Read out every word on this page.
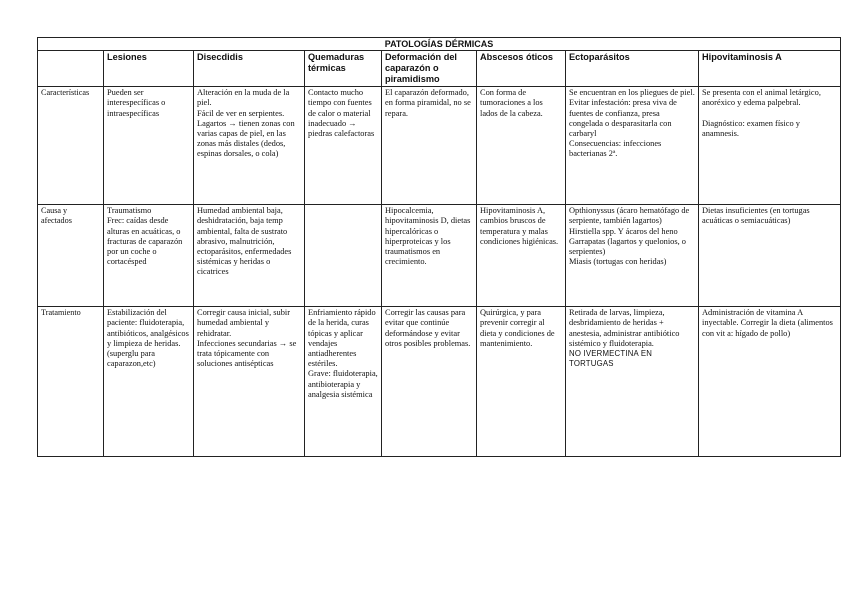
PATOLOGÍAS DÉRMICAS							
	Lesiones	Disecdidis	Quemaduras térmicas	Deformación del caparazón o piramidismo	Abscesos óticos	Ectoparásitos	Hipovitaminosis A
Características	Pueden ser interespecíficas o intraespecíficas	Alteración en la muda de la piel.
Fácil de ver en serpientes.
Lagartos → tienen zonas con varias capas de piel, en las zonas más distales (dedos, espinas dorsales, o cola)	Contacto mucho tiempo con fuentes de calor o material inadecuado → piedras calefactoras	El caparazón deformado, en forma piramidal, no se repara.	Con forma de tumoraciones a los lados de la cabeza.	Se encuentran en los pliegues de piel.
Evitar infestación: presa viva de fuentes de confianza, presa congelada o desparasitarla con carbaryl
Consecuencias: infecciones bacterianas 2ª.	Se presenta con el animal letárgico, anoréxico y edema palpebral.

Diagnóstico: examen físico y anamnesis.

Causa y afectados	Traumatismo
Frec: caídas desde alturas en acuáticas, o fracturas de caparazón por un coche o cortacésped	Humedad ambiental baja, deshidratación, baja temp ambiental, falta de sustrato abrasivo, malnutrición, ectoparásitos, enfermedades sistémicas y heridas o cicatrices		Hipocalcemia, hipovitaminosis D, dietas hipercalóricas o hiperproteicas y los traumatismos en crecimiento.	Hipovitaminosis A, cambios bruscos de temperatura y malas condiciones higiénicas.	Opthionyssus (ácaro hematófago de serpiente, también lagartos)
Hirstiella spp. Y ácaros del heno
Garrapatas (lagartos y quelonios, o serpientes)
Miasis (tortugas con heridas)	Dietas insuficientes (en tortugas acuáticas o semiacuáticas)

Tratamiento	Estabilización del paciente: fluidoterapia, antibióticos, analgésicos y limpieza de heridas. (superglu para caparazon,etc)	Corregir causa inicial, subir humedad ambiental y rehidratar.
Infecciones secundarias → se trata tópicamente con soluciones antisépticas	Enfriamiento rápido de la herida, curas tópicas y aplicar vendajes antiadherentes estériles.
Grave: fluidoterapia, antibioterapia y analgesia sistémica	Corregir las causas para evitar que continúe deformándose y evitar otros posibles problemas.	Quirúrgica, y para prevenir corregir al dieta y condiciones de mantenimiento.	Retirada de larvas, limpieza, desbridamiento de heridas + anestesia, administrar antibiótico sistémico y fluidoterapia.
NO IVERMECTINA EN TORTUGAS	Administración de vitamina A inyectable. Corregir la dieta (alimentos con vit a: hígado de pollo)
